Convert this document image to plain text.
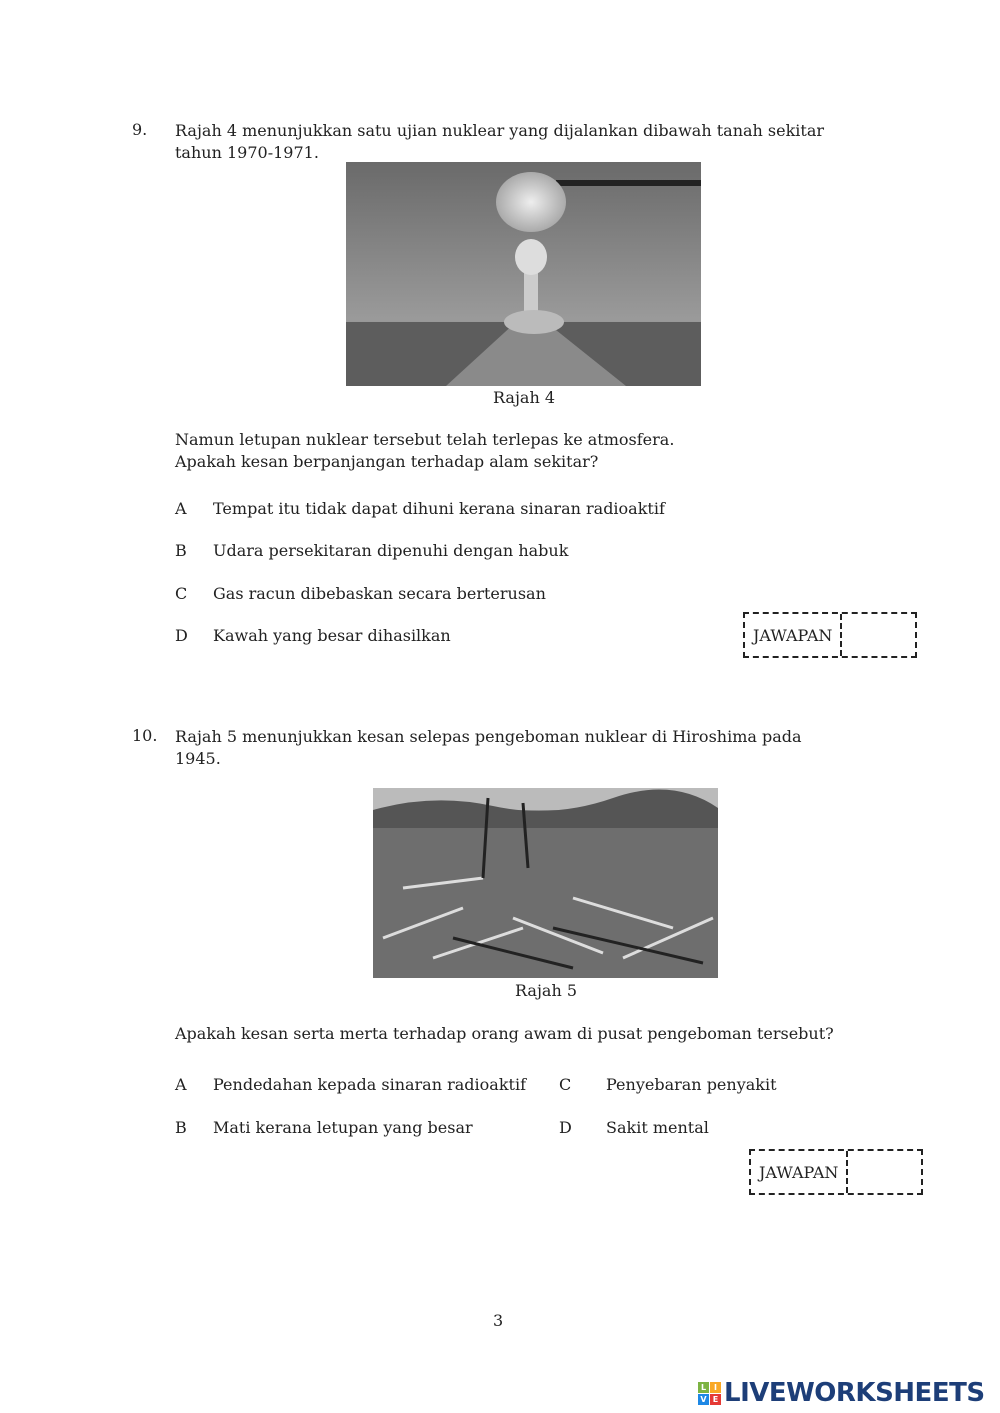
9. Rajah 4 menunjukkan satu ujian nuklear yang dijalankan dibawah tanah sekitar
tahun 1970-1971.
Rajah 4
Namun letupan nuklear tersebut telah terlepas ke atmosfera.
Apakah kesan berpanjangan terhadap alam sekitar?
A Tempat itu tidak dapat dihuni kerana sinaran radioaktif
B Udara persekitaran dipenuhi dengan habuk
C Gas racun dibebaskan secara berterusan
D Kawah yang besar dihasilkan	JAWAPAN
10. Rajah 5 menunjukkan kesan selepas pengeboman nuklear di Hiroshima pada
1945.
Rajah 5
Apakah kesan serta merta terhadap orang awam di pusat pengeboman tersebut?
A Pendedahan kepada sinaran radioaktif
B Mati kerana letupan yang besar
C Penyebaran penyakit
D Sakit mental
JAWAPAN
3
L I
V E LIVEWORKSHEETS
